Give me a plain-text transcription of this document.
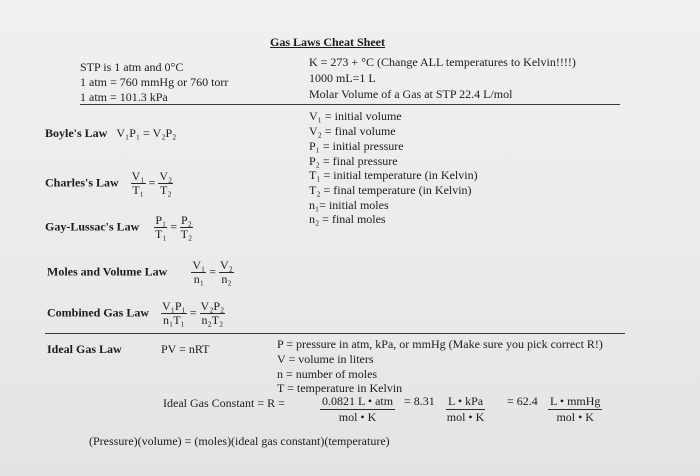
Gas Laws Cheat Sheet
STP is 1 atm and 0°C
1 atm = 760 mmHg or 760 torr
1 atm = 101.3 kPa
K = 273 + °C (Change ALL temperatures to Kelvin!!!!)
1000 mL=1 L
Molar Volume of a Gas at STP 22.4 L/mol
V₁ = initial volume
V₂ = final volume
P₁ = initial pressure
P₂ = final pressure
T₁ = initial temperature (in Kelvin)
T₂ = final temperature (in Kelvin)
n₁= initial moles
n₂ = final moles
Boyle's Law V₁P₁ = V₂P₂
Charles's Law $\frac{\text{V₁}}{\text{T₁}} = \frac{\text{V₂}}{\text{T₂}}$
Gay-Lussac's Law $\frac{\text{P₁}}{\text{T₁}} = \frac{\text{P₂}}{\text{T₂}}$
Moles and Volume Law $\frac{\text{V₁}}{\text{n₁}} = \frac{\text{V₂}}{\text{n₂}}$
Combined Gas Law $\frac{\text{V₁P₁}}{\text{n₁T₁}} = \frac{\text{V₂P₂}}{\text{n₂T₂}}$
Ideal Gas Law	PV = nRT	P = pressure in atm, kPa, or mmHg (Make sure you pick correct R!)
V = volume in liters
n = number of moles
T = temperature in Kelvin
Ideal Gas Constant = R =	0.0821 L • atm
mol • K
= 8.31 L • kPa
mol • K
= 62.4 L • mmHg
mol • K
(Pressure)(volume) = (moles)(ideal gas constant)(temperature)
